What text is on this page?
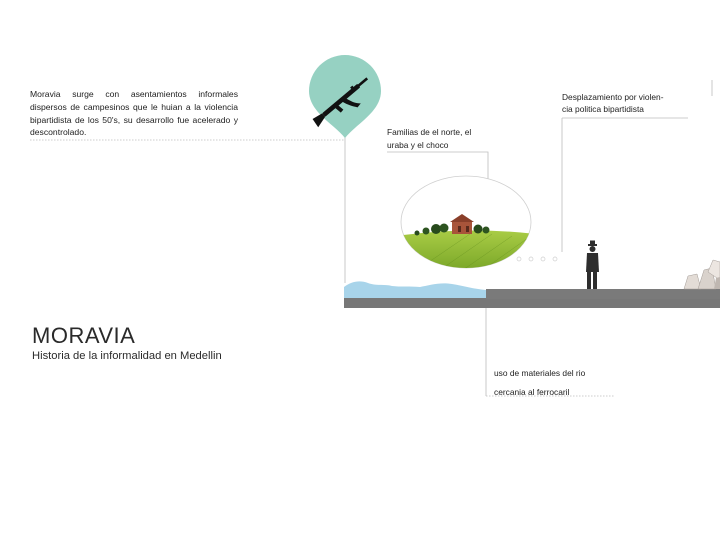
Moravia surge con asentamientos informales dispersos de campesinos que le huian a la violencia bipartidista de los 50's, su desarrollo fue acelerado y descontrolado.	Familias de el norte, el
uraba y el choco
Desplazamiento por violen-
cia politica bipartidista
uso de materiales del rio
cercania al ferrocaril
MORAVIA
Historia de la informalidad en Medellin
